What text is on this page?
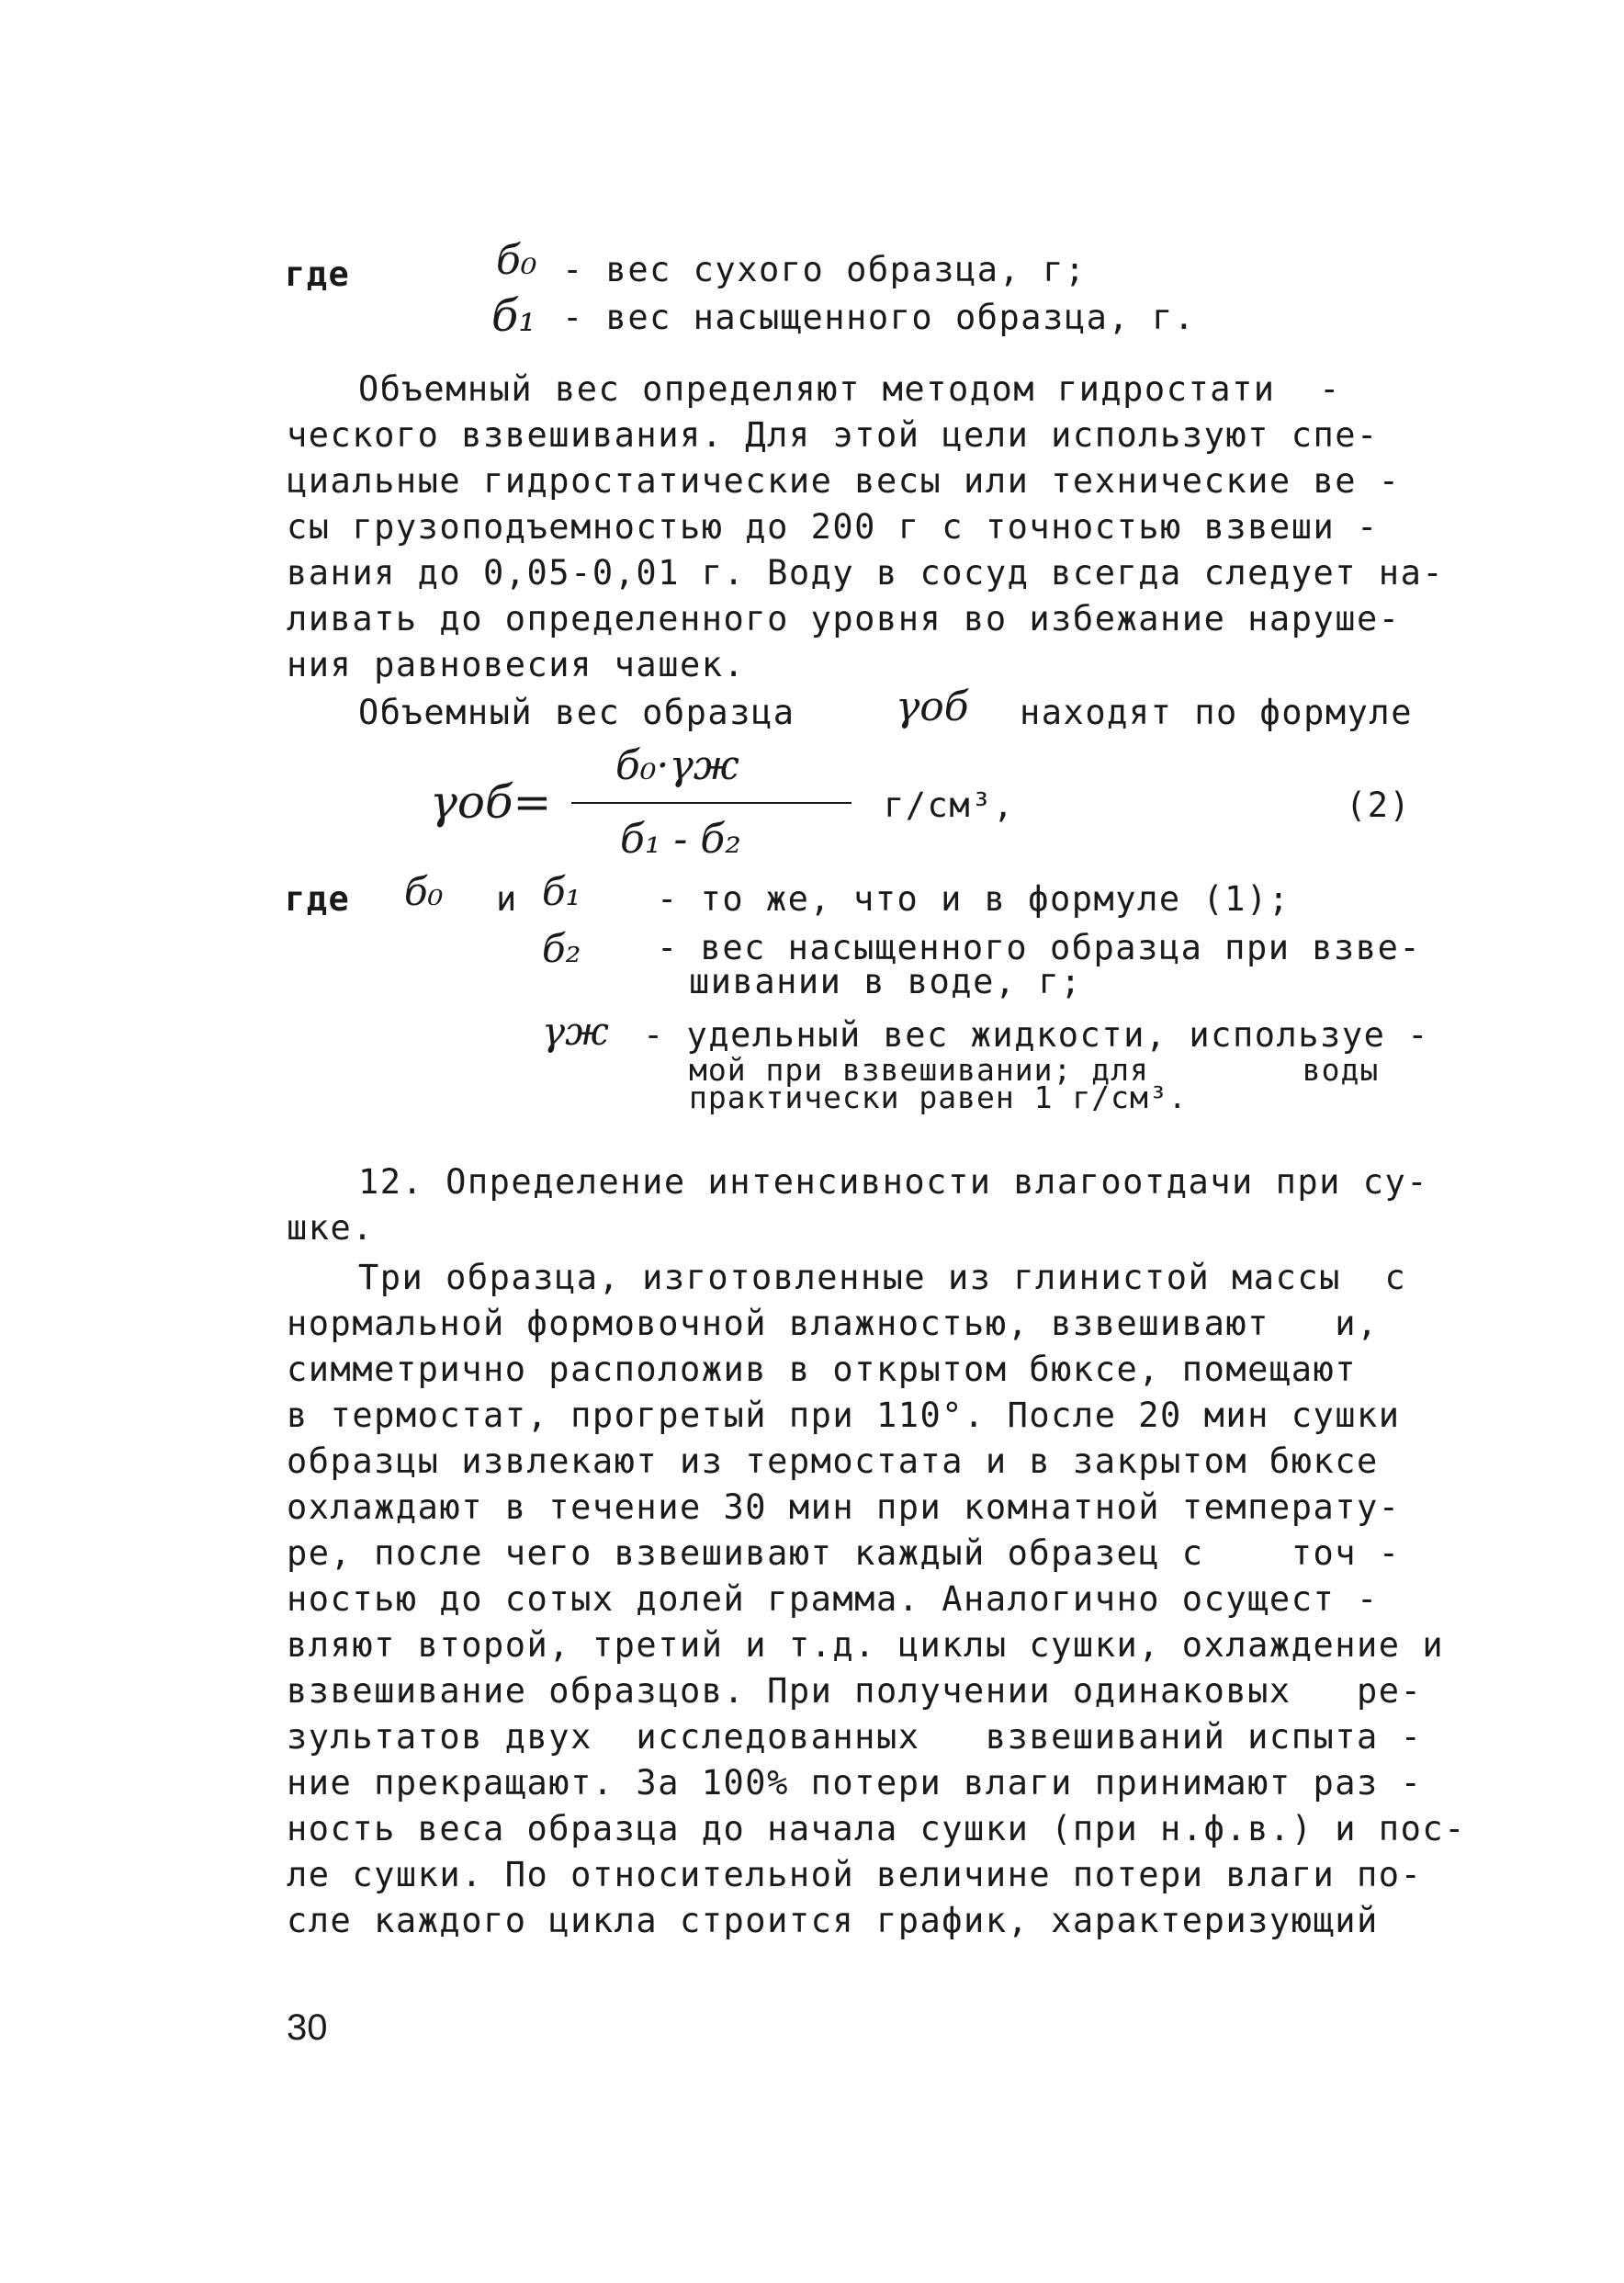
где	б₀ - вес сухого образца, г;
б₁ - вес насыщенного образца, г.
Объемный вес определяют методом гидростати  -
ческого взвешивания. Для этой цели используют спе-
циальные гидростатические весы или технические ве -
сы грузоподъемностью до 200 г с точностью взвеши -
вания до 0,05-0,01 г. Воду в сосуд всегда следует на-
ливать до определенного уровня во избежание наруше-
ния равновесия чашек.
Объемный вес образца γоб находят по формуле
γоб=
б₀·γж
б₁ - б₂
г/см³,	(2)
где б₀ и б₁ - то же, что и в формуле (1);
б₂ - вес насыщенного образца при взве-
шивании в воде, г;
γж - удельный вес жидкости, используе -
мой при взвешивании; для        воды
практически равен 1 г/см³.
12. Определение интенсивности влагоотдачи при су-
шке.
Три образца, изготовленные из глинистой массы  с
нормальной формовочной влажностью, взвешивают   и,
симметрично расположив в открытом бюксе, помещают
в термостат, прогретый при 110°. После 20 мин сушки
образцы извлекают из термостата и в закрытом бюксе
охлаждают в течение 30 мин при комнатной температу-
ре, после чего взвешивают каждый образец с    точ -
ностью до сотых долей грамма. Аналогично осущест -
вляют второй, третий и т.д. циклы сушки, охлаждение и
взвешивание образцов. При получении одинаковых   ре-
зультатов двух  исследованных   взвешиваний испыта -
ние прекращают. За 100% потери влаги принимают раз -
ность веса образца до начала сушки (при н.ф.в.) и пос-
ле сушки. По относительной величине потери влаги по-
сле каждого цикла строится график, характеризующий
30
